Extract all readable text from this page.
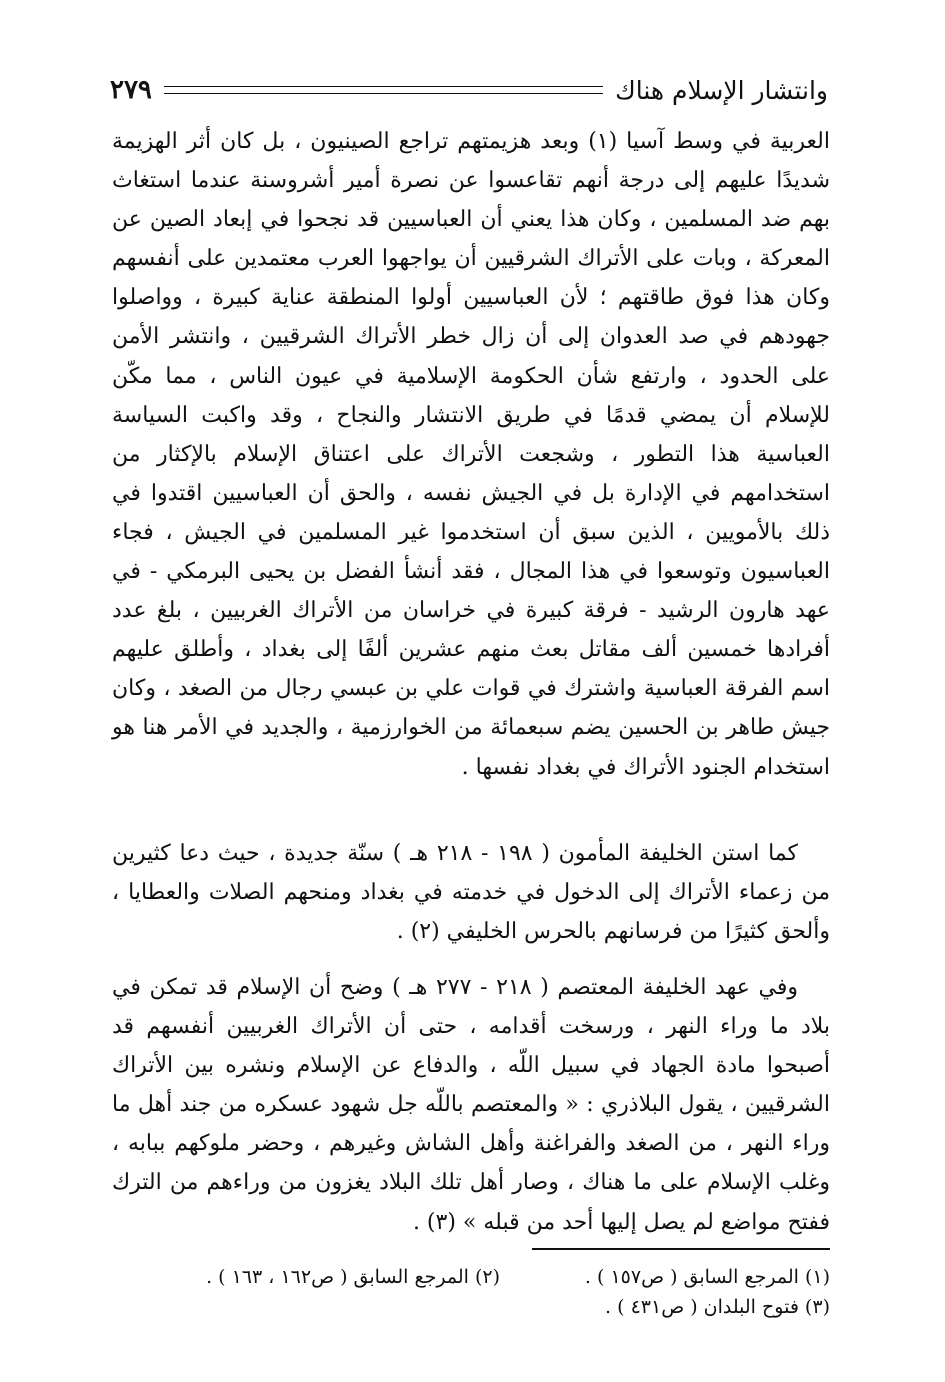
وانتشار الإسلام هناك
٢٧٩

العربية في وسط آسيا (١) وبعد هزيمتهم تراجع الصينيون ، بل كان أثر الهزيمة شديدًا عليهم إلى درجة أنهم تقاعسوا عن نصرة أمير أشروسنة عندما استغاث بهم ضد المسلمين ، وكان هذا يعني أن العباسيين قد نجحوا في إبعاد الصين عن المعركة ، وبات على الأتراك الشرقيين أن يواجهوا العرب معتمدين على أنفسهم وكان هذا فوق طاقتهم ؛ لأن العباسيين أولوا المنطقة عناية كبيرة ، وواصلوا جهودهم في صد العدوان إلى أن زال خطر الأتراك الشرقيين ، وانتشر الأمن على الحدود ، وارتفع شأن الحكومة الإسلامية في عيون الناس ، مما مكّن للإسلام أن يمضي قدمًا في طريق الانتشار والنجاح ، وقد واكبت السياسة العباسية هذا التطور ، وشجعت الأتراك على اعتناق الإسلام بالإكثار من استخدامهم في الإدارة بل في الجيش نفسه ، والحق أن العباسيين اقتدوا في ذلك بالأمويين ، الذين سبق أن استخدموا غير المسلمين في الجيش ، فجاء العباسيون وتوسعوا في هذا المجال ، فقد أنشأ الفضل بن يحيى البرمكي - في عهد هارون الرشيد - فرقة كبيرة في خراسان من الأتراك الغربيين ، بلغ عدد أفرادها خمسين ألف مقاتل بعث منهم عشرين ألفًا إلى بغداد ، وأطلق عليهم اسم الفرقة العباسية واشترك في قوات علي بن عبسي رجال من الصغد ، وكان جيش طاهر بن الحسين يضم سبعمائة من الخوارزمية ، والجديد في الأمر هنا هو استخدام الجنود الأتراك في بغداد نفسها .

كما استن الخليفة المأمون ( ١٩٨ - ٢١٨ هـ ) سنّة جديدة ، حيث دعا كثيرين من زعماء الأتراك إلى الدخول في خدمته في بغداد ومنحهم الصلات والعطايا ، وألحق كثيرًا من فرسانهم بالحرس الخليفي (٢) .

وفي عهد الخليفة المعتصم ( ٢١٨ - ٢٧٧ هـ ) وضح أن الإسلام قد تمكن في بلاد ما وراء النهر ، ورسخت أقدامه ، حتى أن الأتراك الغربيين أنفسهم قد أصبحوا مادة الجهاد في سبيل اللّه ، والدفاع عن الإسلام ونشره بين الأتراك الشرقيين ، يقول البلاذري : « والمعتصم باللّه جل شهود عسكره من جند أهل ما وراء النهر ، من الصغد والفراغنة وأهل الشاش وغيرهم ، وحضر ملوكهم ببابه ، وغلب الإسلام على ما هناك ، وصار أهل تلك البلاد يغزون من وراءهم من الترك ففتح مواضع لم يصل إليها أحد من قبله » (٣) .

(١) المرجع السابق ( ص١٥٧ ) .
(٢) المرجع السابق ( ص١٦٢ ، ١٦٣ ) .
(٣) فتوح البلدان ( ص٤٣١ ) .
